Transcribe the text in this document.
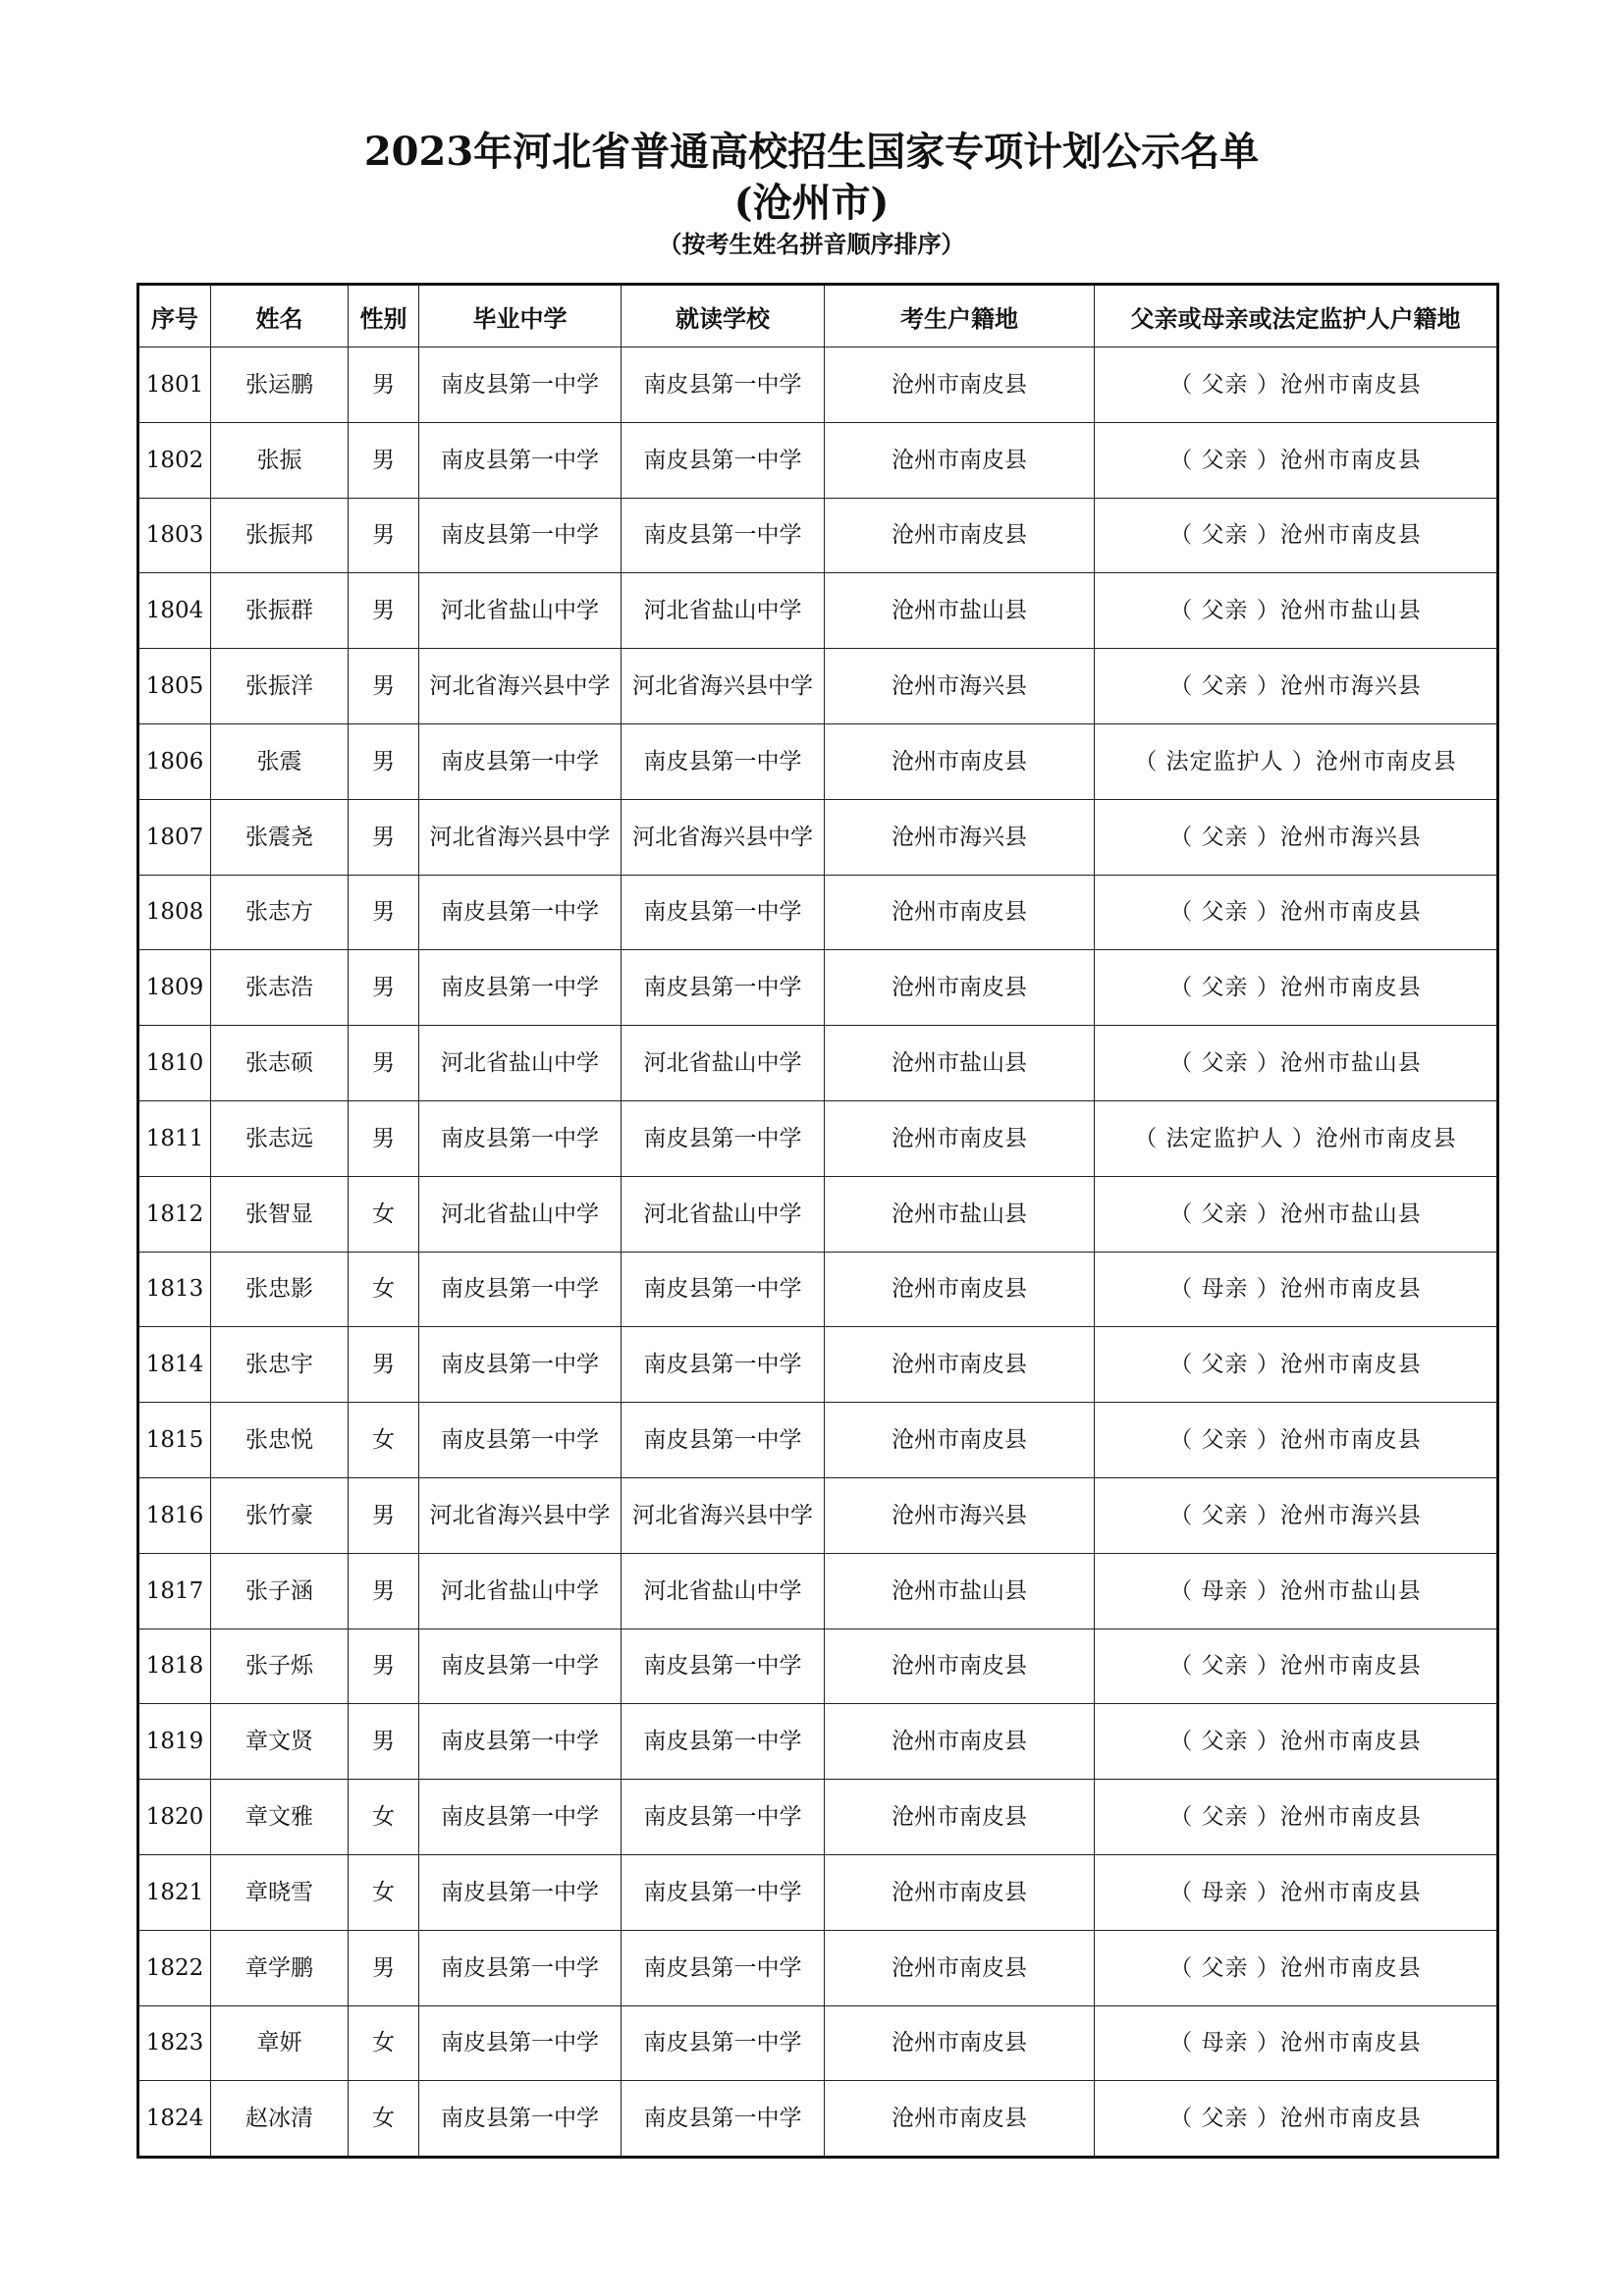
2023年河北省普通高校招生国家专项计划公示名单
(沧州市)
（按考生姓名拼音顺序排序）
序号	姓名	性别	毕业中学	就读学校	考生户籍地	父亲或母亲或法定监护人户籍地
1801	张运鹏	男	南皮县第一中学	南皮县第一中学	沧州市南皮县	（ 父亲 ）沧州市南皮县
1802	张振	男	南皮县第一中学	南皮县第一中学	沧州市南皮县	（ 父亲 ）沧州市南皮县
1803	张振邦	男	南皮县第一中学	南皮县第一中学	沧州市南皮县	（ 父亲 ）沧州市南皮县
1804	张振群	男	河北省盐山中学	河北省盐山中学	沧州市盐山县	（ 父亲 ）沧州市盐山县
1805	张振洋	男	河北省海兴县中学	河北省海兴县中学	沧州市海兴县	（ 父亲 ）沧州市海兴县
1806	张震	男	南皮县第一中学	南皮县第一中学	沧州市南皮县	（ 法定监护人 ）沧州市南皮县
1807	张震尧	男	河北省海兴县中学	河北省海兴县中学	沧州市海兴县	（ 父亲 ）沧州市海兴县
1808	张志方	男	南皮县第一中学	南皮县第一中学	沧州市南皮县	（ 父亲 ）沧州市南皮县
1809	张志浩	男	南皮县第一中学	南皮县第一中学	沧州市南皮县	（ 父亲 ）沧州市南皮县
1810	张志硕	男	河北省盐山中学	河北省盐山中学	沧州市盐山县	（ 父亲 ）沧州市盐山县
1811	张志远	男	南皮县第一中学	南皮县第一中学	沧州市南皮县	（ 法定监护人 ）沧州市南皮县
1812	张智显	女	河北省盐山中学	河北省盐山中学	沧州市盐山县	（ 父亲 ）沧州市盐山县
1813	张忠影	女	南皮县第一中学	南皮县第一中学	沧州市南皮县	（ 母亲 ）沧州市南皮县
1814	张忠宇	男	南皮县第一中学	南皮县第一中学	沧州市南皮县	（ 父亲 ）沧州市南皮县
1815	张忠悦	女	南皮县第一中学	南皮县第一中学	沧州市南皮县	（ 父亲 ）沧州市南皮县
1816	张竹豪	男	河北省海兴县中学	河北省海兴县中学	沧州市海兴县	（ 父亲 ）沧州市海兴县
1817	张子涵	男	河北省盐山中学	河北省盐山中学	沧州市盐山县	（ 母亲 ）沧州市盐山县
1818	张子烁	男	南皮县第一中学	南皮县第一中学	沧州市南皮县	（ 父亲 ）沧州市南皮县
1819	章文贤	男	南皮县第一中学	南皮县第一中学	沧州市南皮县	（ 父亲 ）沧州市南皮县
1820	章文雅	女	南皮县第一中学	南皮县第一中学	沧州市南皮县	（ 父亲 ）沧州市南皮县
1821	章晓雪	女	南皮县第一中学	南皮县第一中学	沧州市南皮县	（ 母亲 ）沧州市南皮县
1822	章学鹏	男	南皮县第一中学	南皮县第一中学	沧州市南皮县	（ 父亲 ）沧州市南皮县
1823	章妍	女	南皮县第一中学	南皮县第一中学	沧州市南皮县	（ 母亲 ）沧州市南皮县
1824	赵冰清	女	南皮县第一中学	南皮县第一中学	沧州市南皮县	（ 父亲 ）沧州市南皮县
